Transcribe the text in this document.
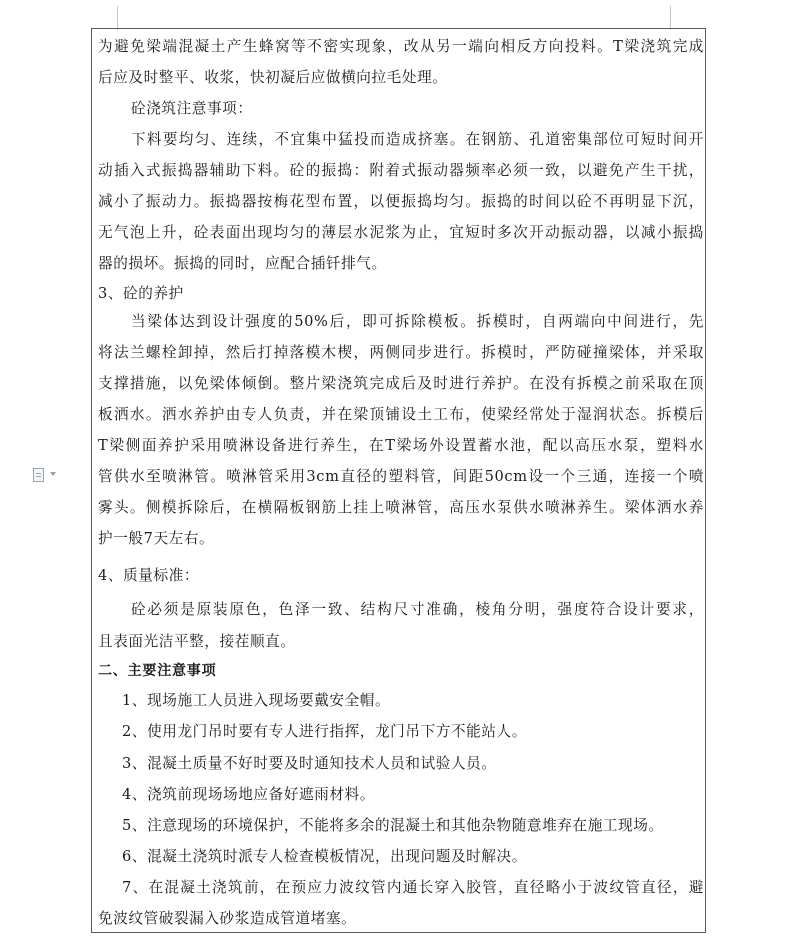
为避免梁端混凝土产生蜂窝等不密实现象，改从另一端向相反方向投料。T梁浇筑完成
后应及时整平、收浆，快初凝后应做横向拉毛处理。
砼浇筑注意事项：
下料要均匀、连续，不宜集中猛投而造成挤塞。在钢筋、孔道密集部位可短时间开
动插入式振捣器辅助下料。砼的振捣：附着式振动器频率必须一致，以避免产生干扰，
减小了振动力。振捣器按梅花型布置，以便振捣均匀。振捣的时间以砼不再明显下沉，
无气泡上升，砼表面出现均匀的薄层水泥浆为止，宜短时多次开动振动器，以减小振捣
器的损坏。振捣的同时，应配合插钎排气。
3、砼的养护
当梁体达到设计强度的50%后，即可拆除模板。拆模时，自两端向中间进行，先
将法兰螺栓卸掉，然后打掉落模木楔，两侧同步进行。拆模时，严防碰撞梁体，并采取
支撑措施，以免梁体倾倒。整片梁浇筑完成后及时进行养护。在没有拆模之前采取在顶
板洒水。洒水养护由专人负责，并在梁顶铺设土工布，使梁经常处于湿润状态。拆模后
T梁侧面养护采用喷淋设备进行养生，在T梁场外设置蓄水池，配以高压水泵，塑料水
管供水至喷淋管。喷淋管采用3cm直径的塑料管，间距50cm设一个三通，连接一个喷
雾头。侧模拆除后，在横隔板钢筋上挂上喷淋管，高压水泵供水喷淋养生。梁体洒水养
护一般7天左右。
4、质量标准：
砼必须是原装原色，色泽一致、结构尺寸准确，棱角分明，强度符合设计要求，
且表面光洁平整，接茬顺直。
二、主要注意事项
1、现场施工人员进入现场要戴安全帽。
2、使用龙门吊时要有专人进行指挥，龙门吊下方不能站人。
3、混凝土质量不好时要及时通知技术人员和试验人员。
4、浇筑前现场场地应备好遮雨材料。
5、注意现场的环境保护，不能将多余的混凝土和其他杂物随意堆弃在施工现场。
6、混凝土浇筑时派专人检查模板情况，出现问题及时解决。
7、在混凝土浇筑前，在预应力波纹管内通长穿入胶管，直径略小于波纹管直径，避
免波纹管破裂漏入砂浆造成管道堵塞。
